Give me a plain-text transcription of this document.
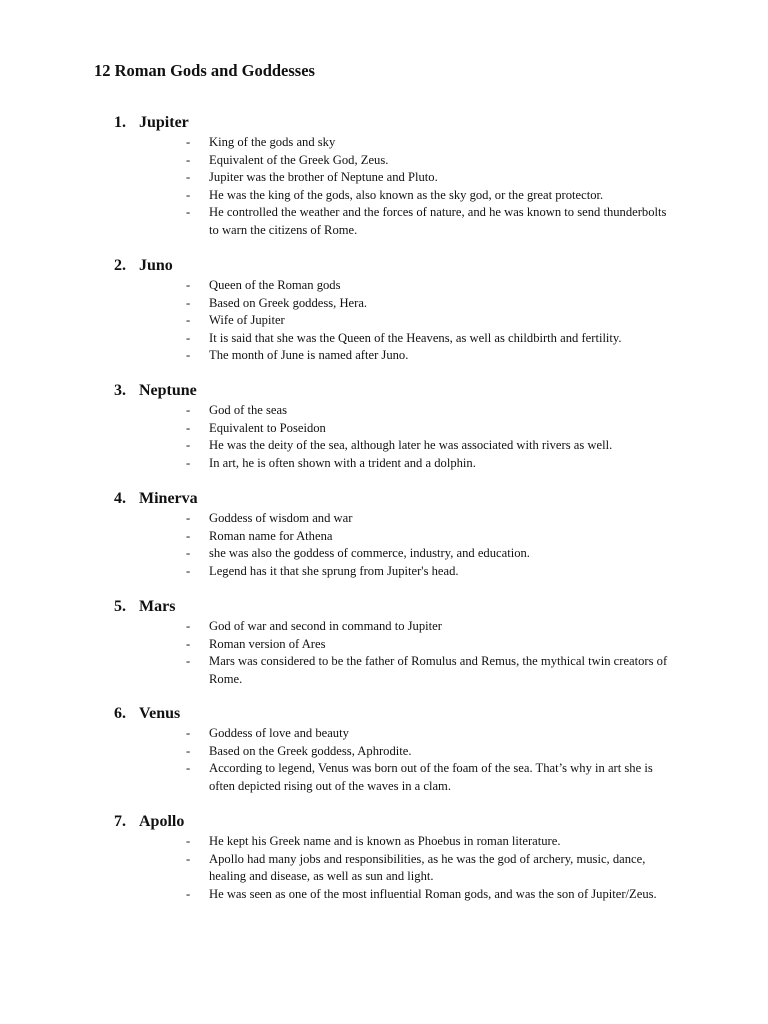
12 Roman Gods and Goddesses
1. Jupiter
- King of the gods and sky
- Equivalent of the Greek God, Zeus.
- Jupiter was the brother of Neptune and Pluto.
- He was the king of the gods, also known as the sky god, or the great protector.
- He controlled the weather and the forces of nature, and he was known to send thunderbolts to warn the citizens of Rome.
2. Juno
- Queen of the Roman gods
- Based on Greek goddess, Hera.
- Wife of Jupiter
- It is said that she was the Queen of the Heavens, as well as childbirth and fertility.
- The month of June is named after Juno.
3. Neptune
- God of the seas
- Equivalent to Poseidon
- He was the deity of the sea, although later he was associated with rivers as well.
- In art, he is often shown with a trident and a dolphin.
4. Minerva
- Goddess of wisdom and war
- Roman name for Athena
- she was also the goddess of commerce, industry, and education.
- Legend has it that she sprung from Jupiter's head.
5. Mars
- God of war and second in command to Jupiter
- Roman version of Ares
- Mars was considered to be the father of Romulus and Remus, the mythical twin creators of Rome.
6. Venus
- Goddess of love and beauty
- Based on the Greek goddess, Aphrodite.
- According to legend, Venus was born out of the foam of the sea. That’s why in art she is often depicted rising out of the waves in a clam.
7. Apollo
- He kept his Greek name and is known as Phoebus in roman literature.
- Apollo had many jobs and responsibilities, as he was the god of archery, music, dance, healing and disease, as well as sun and light.
- He was seen as one of the most influential Roman gods, and was the son of Jupiter/Zeus.
